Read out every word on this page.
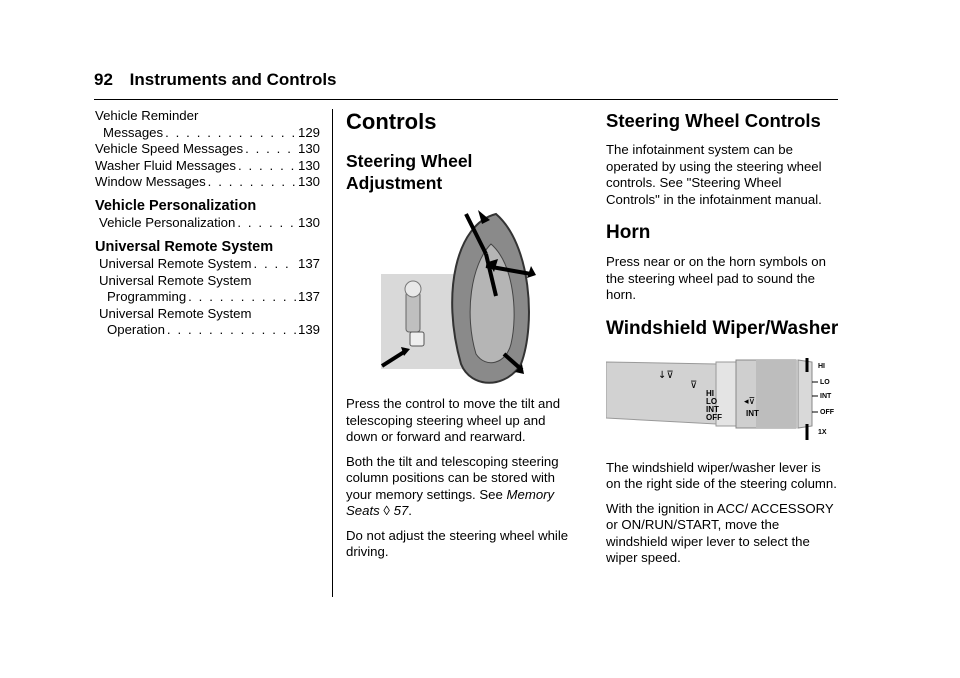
92 Instruments and Controls
Vehicle Reminder
Messages . . .	129
Vehicle Speed Messages . . .	130
Washer Fluid Messages . . .	130
Window Messages . . .	130
Vehicle Personalization
Vehicle Personalization . . .	130
Universal Remote System
Universal Remote System . . .	137
Universal Remote System
Programming . . .	137
Universal Remote System
Operation . . .	139
Controls
Steering Wheel
Adjustment

Press the control to move the tilt and telescoping steering wheel up and down or forward and rearward.

Both the tilt and telescoping steering column positions can be stored with your memory settings. See Memory Seats ◊ 57.

Do not adjust the steering wheel while driving.

Steering Wheel Controls

The infotainment system can be operated by using the steering wheel controls. See "Steering Wheel Controls" in the infotainment manual.

Horn

Press near or on the horn symbols on the steering wheel pad to sound the horn.

Windshield Wiper/Washer
↓⊽
⊽
HI
LO
INT
OFF
◂⊽
INT
HI
LO
INT
OFF
1X

The windshield wiper/washer lever is on the right side of the steering column.

With the ignition in ACC/ ACCESSORY or ON/RUN/START, move the windshield wiper lever to select the wiper speed.
